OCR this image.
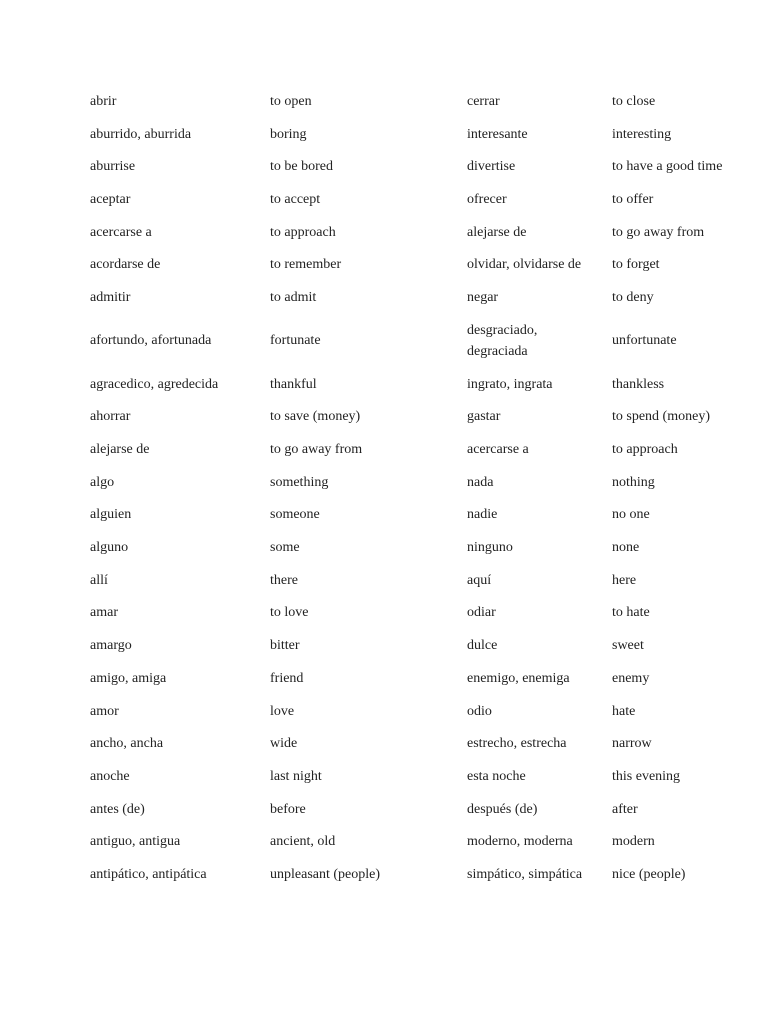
abrir	to open	cerrar	to close
aburrido, aburrida	boring	interesante	interesting
aburrise	to be bored	divertise	to have a good time
aceptar	to accept	ofrecer	to offer
acercarse a	to approach	alejarse de	to go away from
acordarse de	to remember	olvidar, olvidarse de	to forget
admitir	to admit	negar	to deny
afortundo, afortunada	fortunate	desgraciado, degraciada	unfortunate
agracedico, agredecida	thankful	ingrato, ingrata	thankless
ahorrar	to save (money)	gastar	to spend (money)
alejarse de	to go away from	acercarse a	to approach
algo	something	nada	nothing
alguien	someone	nadie	no one
alguno	some	ninguno	none
allí	there	aquí	here
amar	to love	odiar	to hate
amargo	bitter	dulce	sweet
amigo, amiga	friend	enemigo, enemiga	enemy
amor	love	odio	hate
ancho, ancha	wide	estrecho, estrecha	narrow
anoche	last night	esta noche	this evening
antes (de)	before	después (de)	after
antiguo, antigua	ancient, old	moderno, moderna	modern
antipático, antipática	unpleasant (people)	simpático, simpática	nice (people)
